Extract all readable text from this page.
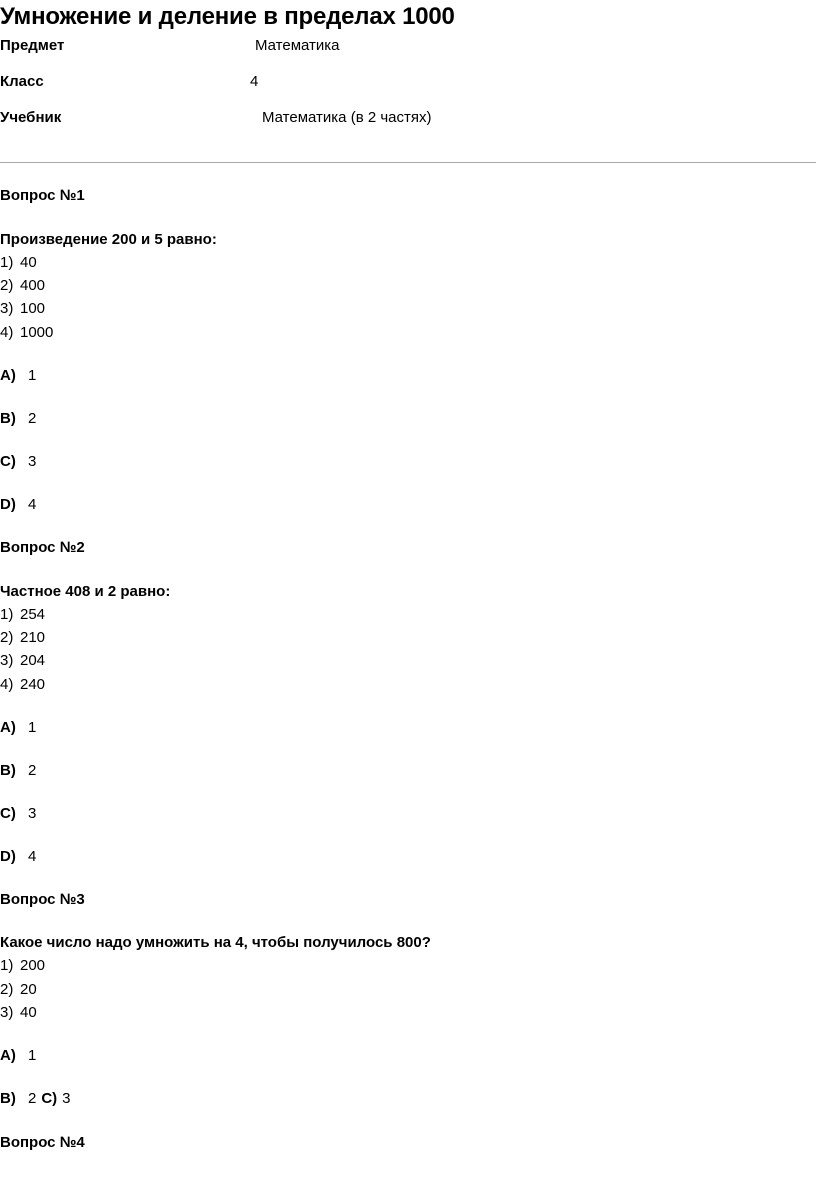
Умножение и деление в пределах 1000
Предмет	Математика
Класс	4
Учебник	Математика (в 2 частях)
Вопрос №1
Произведение 200 и 5 равно:
1) 40
2) 400
3) 100
4) 1000
A) 1
B) 2
C) 3
D) 4
Вопрос №2
Частное 408 и 2 равно:
1) 254
2) 210
3) 204
4) 240
A) 1
B) 2
C) 3
D) 4
Вопрос №3
Какое число надо умножить на 4, чтобы получилось 800?
1) 200
2) 20
3) 40
A) 1
B) 2 C) 3
Вопрос №4
